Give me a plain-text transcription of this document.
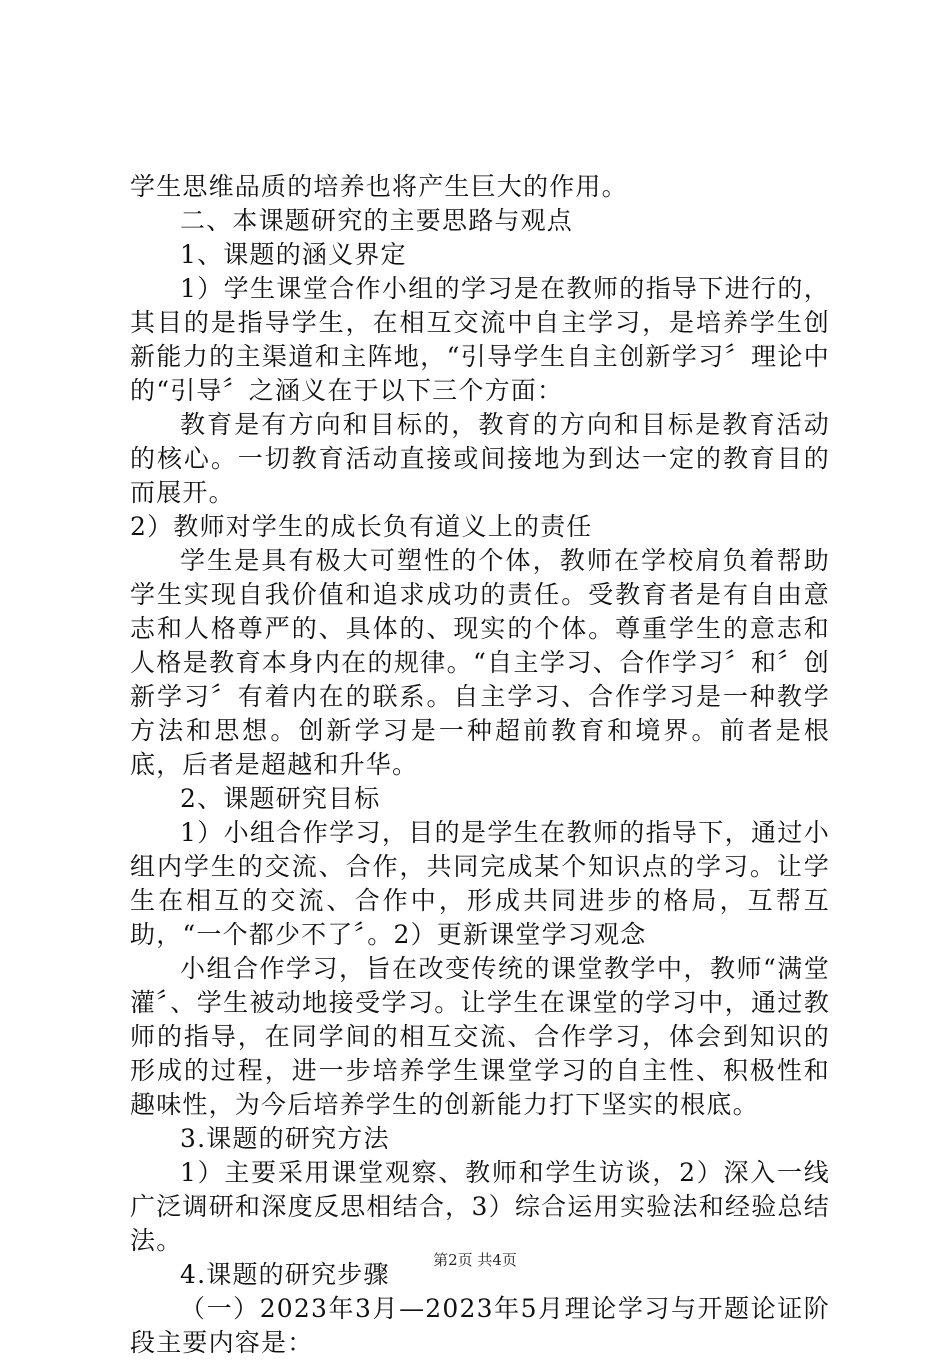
学生思维品质的培养也将产生巨大的作用。

二、本课题研究的主要思路与观点

1、课题的涵义界定

1）学生课堂合作小组的学习是在教师的指导下进行的，其目的是指导学生，在相互交流中自主学习，是培养学生创新能力的主渠道和主阵地，“引导学生自主创新学习〞理论中的“引导〞之涵义在于以下三个方面：

教育是有方向和目标的，教育的方向和目标是教育活动的核心。一切教育活动直接或间接地为到达一定的教育目的而展开。

2）教师对学生的成长负有道义上的责任

学生是具有极大可塑性的个体，教师在学校肩负着帮助学生实现自我价值和追求成功的责任。受教育者是有自由意志和人格尊严的、具体的、现实的个体。尊重学生的意志和人格是教育本身内在的规律。“自主学习、合作学习〞和〞创新学习〞有着内在的联系。自主学习、合作学习是一种教学方法和思想。创新学习是一种超前教育和境界。前者是根底，后者是超越和升华。

2、课题研究目标

1）小组合作学习，目的是学生在教师的指导下，通过小组内学生的交流、合作，共同完成某个知识点的学习。让学生在相互的交流、合作中，形成共同进步的格局，互帮互助，“一个都少不了〞。2）更新课堂学习观念

小组合作学习，旨在改变传统的课堂教学中，教师“满堂灌〞、学生被动地接受学习。让学生在课堂的学习中，通过教师的指导，在同学间的相互交流、合作学习，体会到知识的形成的过程，进一步培养学生课堂学习的自主性、积极性和趣味性，为今后培养学生的创新能力打下坚实的根底。

3.课题的研究方法

1）主要采用课堂观察、教师和学生访谈，2）深入一线广泛调研和深度反思相结合，3）综合运用实验法和经验总结法。

4.课题的研究步骤

（一）2023年3月—2023年5月理论学习与开题论证阶段主要内容是：

第2页 共4页
